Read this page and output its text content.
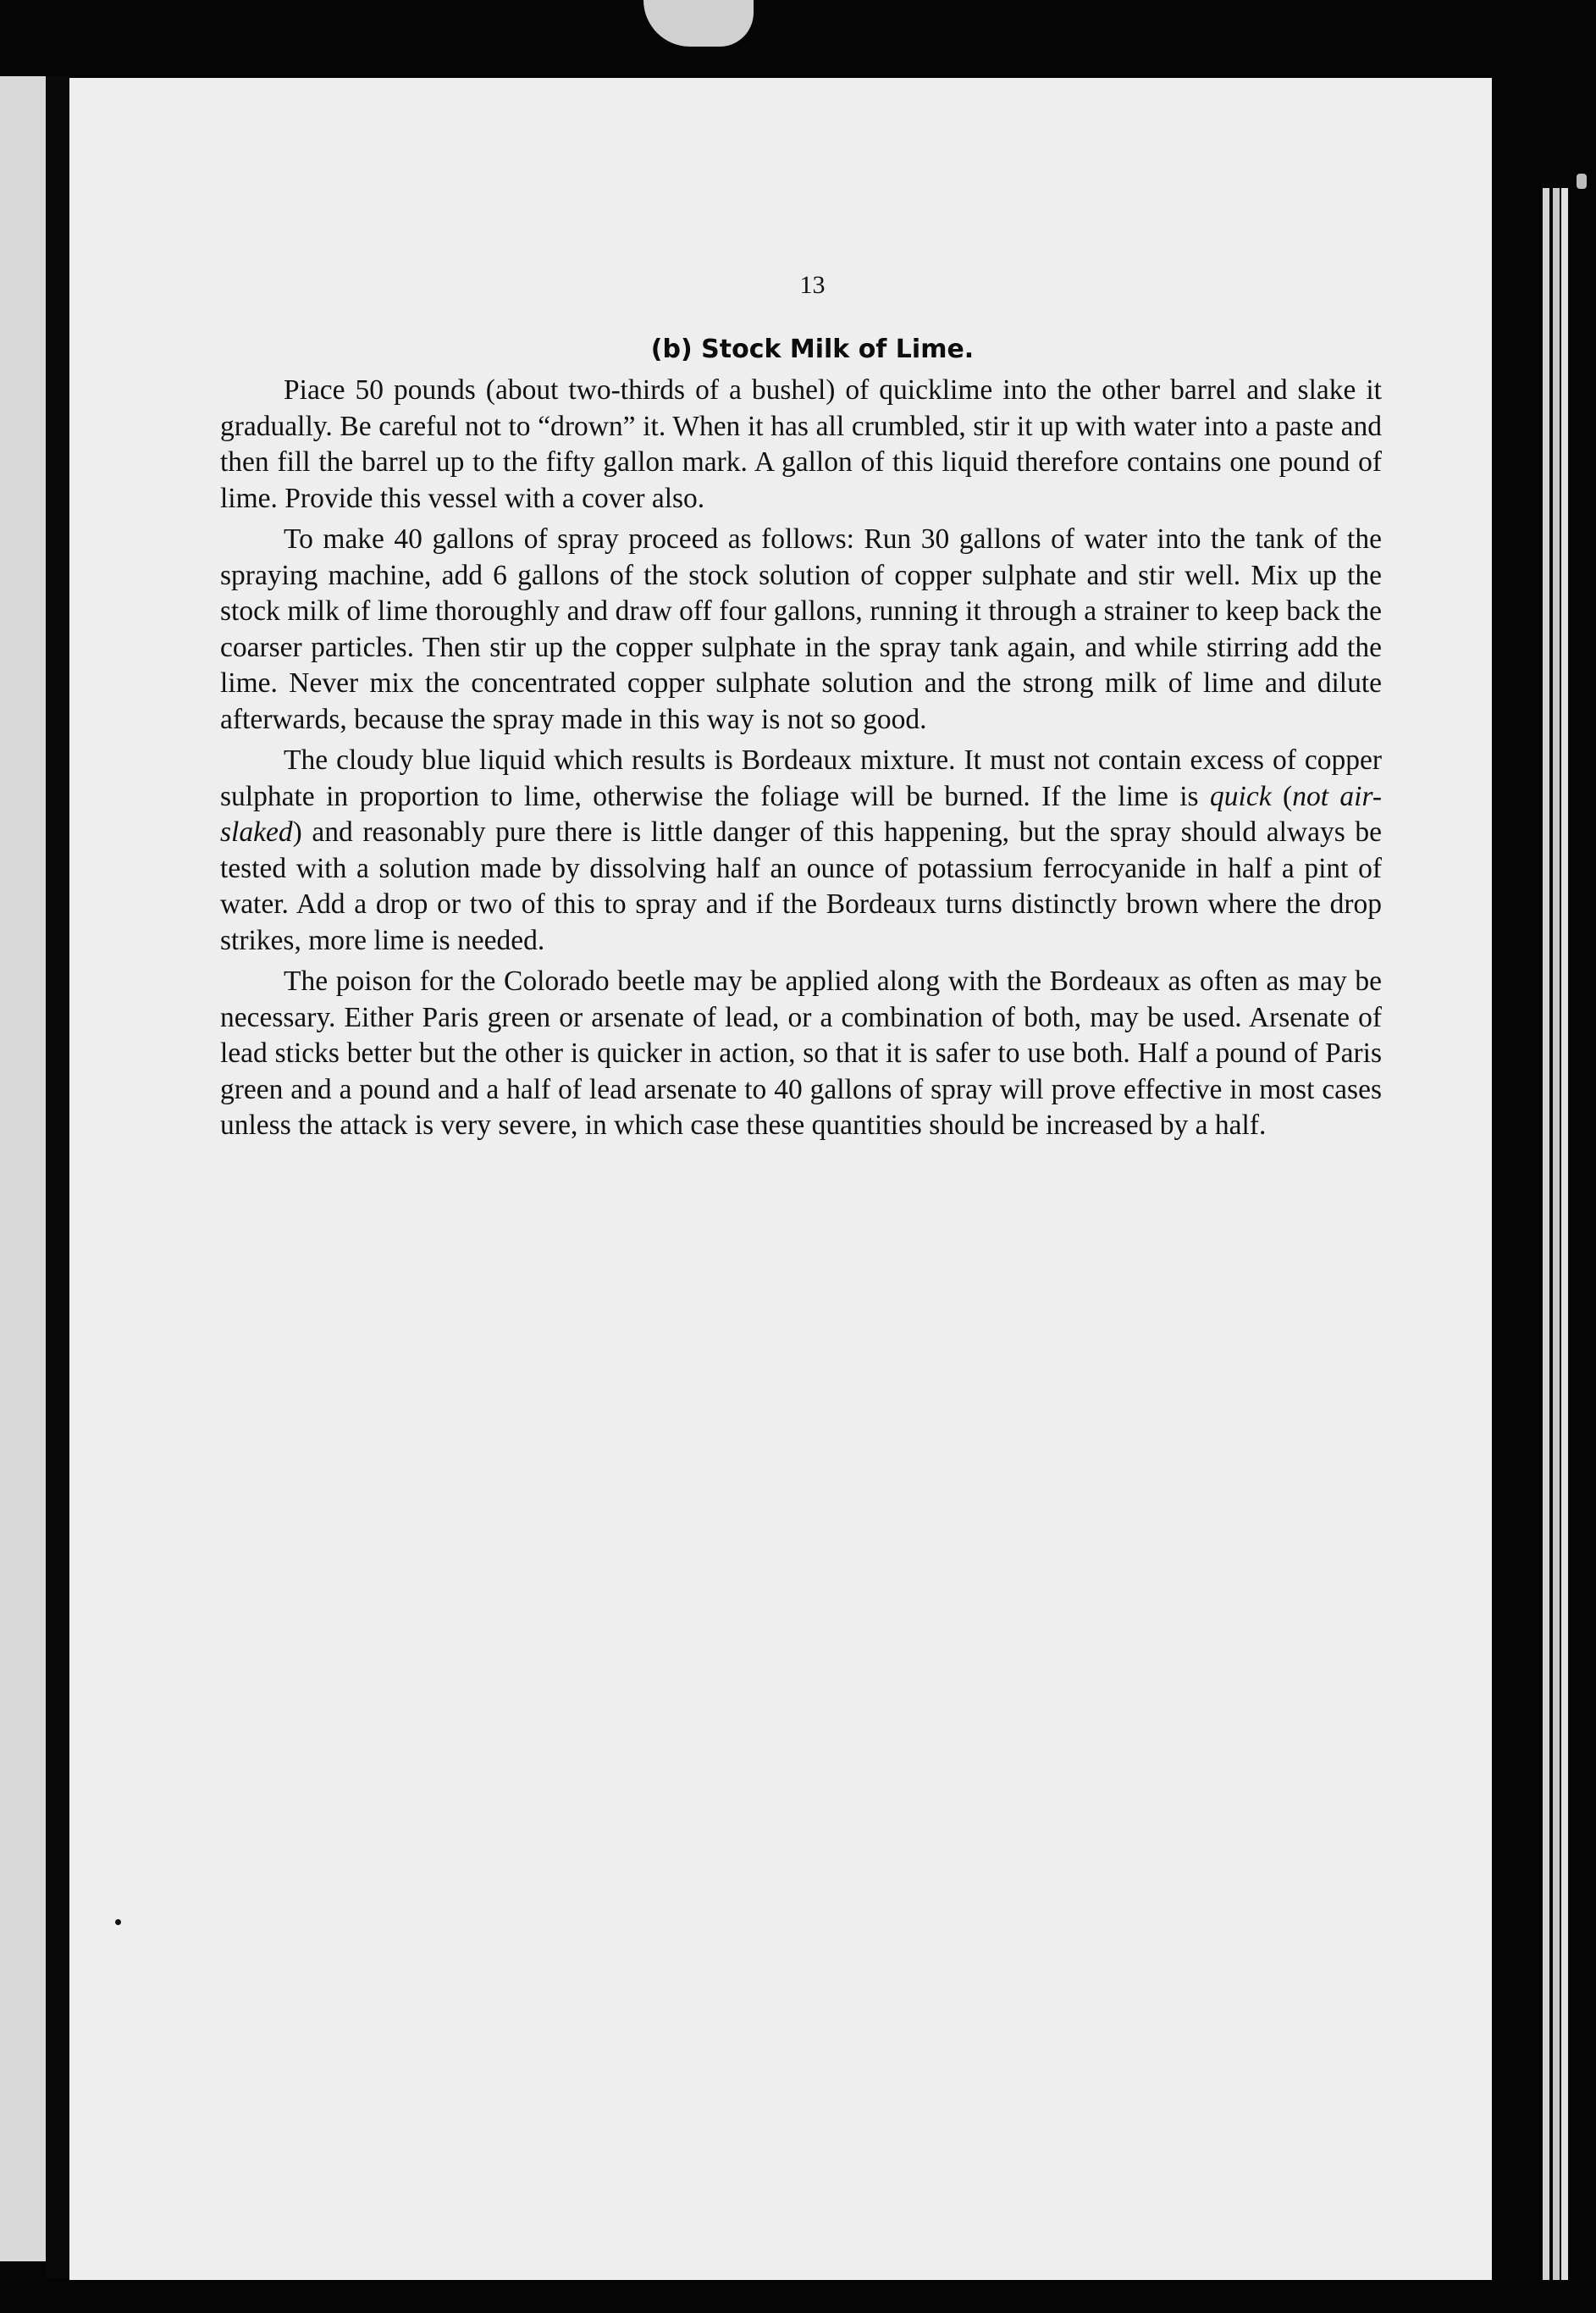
13
(b) Stock Milk of Lime.

Piace 50 pounds (about two-thirds of a bushel) of quicklime into the other barrel and slake it gradually. Be careful not to “drown” it. When it has all crumbled, stir it up with water into a paste and then fill the barrel up to the fifty gallon mark. A gallon of this liquid therefore contains one pound of lime. Provide this vessel with a cover also.

To make 40 gallons of spray proceed as follows: Run 30 gallons of water into the tank of the spraying machine, add 6 gallons of the stock solution of copper sulphate and stir well. Mix up the stock milk of lime thoroughly and draw off four gallons, running it through a strainer to keep back the coarser particles. Then stir up the copper sulphate in the spray tank again, and while stirring add the lime. Never mix the concentrated copper sulphate solution and the strong milk of lime and dilute afterwards, because the spray made in this way is not so good.

The cloudy blue liquid which results is Bordeaux mixture. It must not contain excess of copper sulphate in proportion to lime, otherwise the foliage will be burned. If the lime is quick (not air-slaked) and reasonably pure there is little danger of this happening, but the spray should always be tested with a solution made by dissolving half an ounce of potassium ferrocyanide in half a pint of water. Add a drop or two of this to spray and if the Bordeaux turns distinctly brown where the drop strikes, more lime is needed.

The poison for the Colorado beetle may be applied along with the Bordeaux as often as may be necessary. Either Paris green or arsenate of lead, or a combination of both, may be used. Arsenate of lead sticks better but the other is quicker in action, so that it is safer to use both. Half a pound of Paris green and a pound and a half of lead arsenate to 40 gallons of spray will prove effective in most cases unless the attack is very severe, in which case these quantities should be increased by a half.
